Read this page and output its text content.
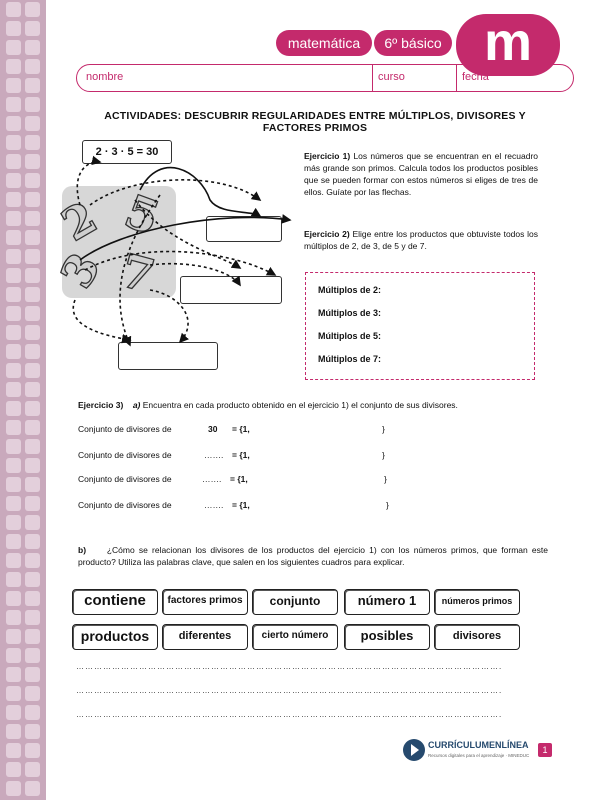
matemática	6º básico m
nombre	curso	fecha
ACTIVIDADES: DESCUBRIR REGULARIDADES ENTRE MÚLTIPLOS, DIVISORES Y FACTORES PRIMOS
2 · 3 · 5 = 30
2
3
5
7
Ejercicio 1) Los números que se encuentran en el recuadro más grande son primos. Calcula todos los productos posibles que se pueden formar con estos números si eliges de tres de ellos. Guíate por las flechas.
Ejercicio 2) Elige entre los productos que obtuviste todos los múltiplos de 2, de 3, de 5 y de 7.
Múltiplos de 2:
Múltiplos de 3:
Múltiplos de 5:
Múltiplos de 7:
Ejercicio 3) a) Encuentra en cada producto obtenido en el ejercicio 1) el conjunto de sus divisores.
Conjunto de divisores de	30 = {1,	}
Conjunto de divisores de	……. = {1,	}
Conjunto de divisores de	……. = {1,	}
Conjunto de divisores de	……. = {1,	}
b) ¿Cómo se relacionan los divisores de los productos del ejercicio 1) con los números primos, que forman este producto? Utiliza las palabras clave, que salen en los siguientes cuadros para explicar.
contiene	factores primos	conjunto	número 1	números primos
productos	diferentes	cierto número	posibles	divisores
…………………………………………………………………………………………………………………………….
…………………………………………………………………………………………………………………………….
…………………………………………………………………………………………………………………………….
CURRÍCULUMENLÍNEA
Recursos digitales para el aprendizaje · MINEDUC
1
